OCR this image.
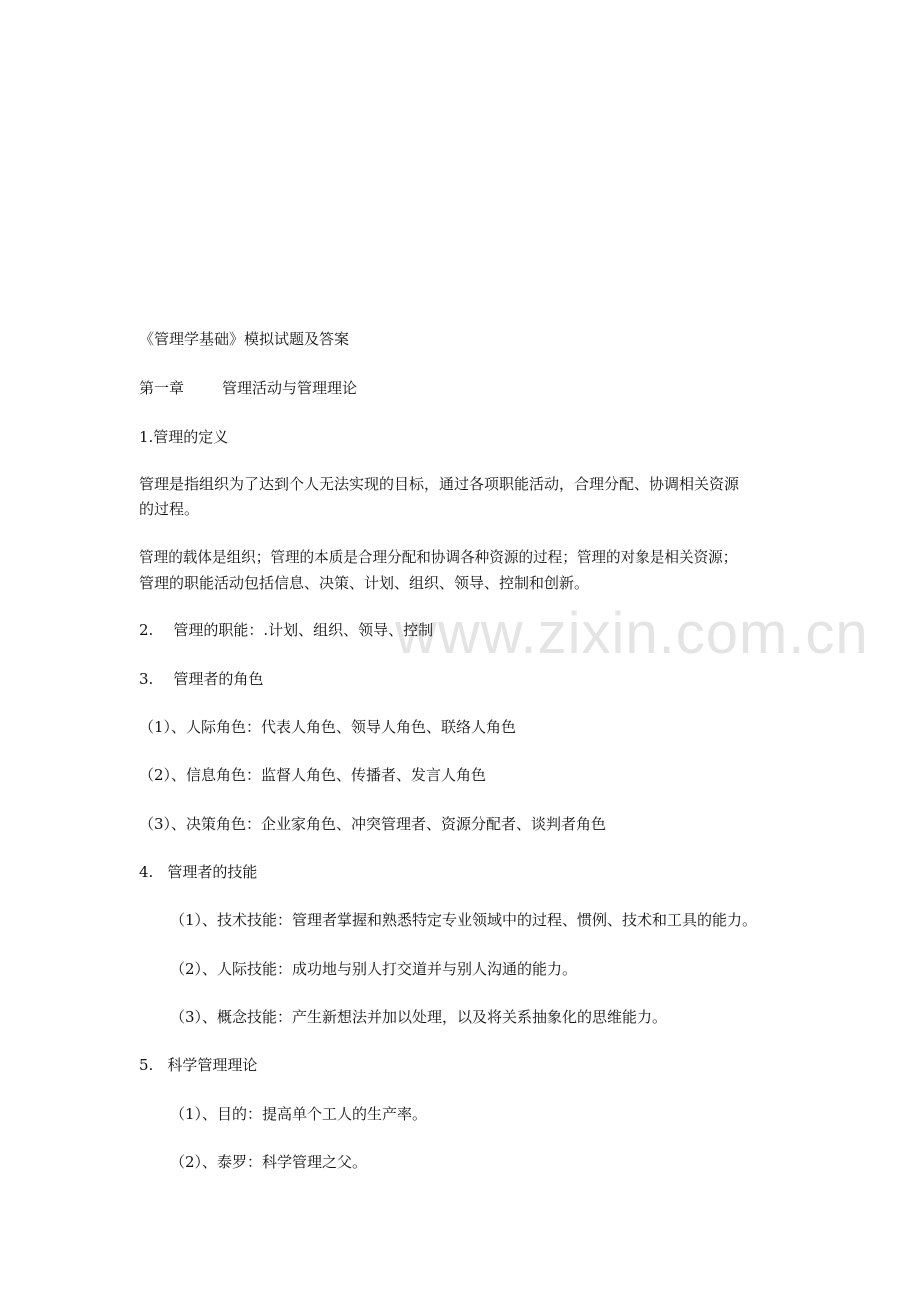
www.zixin.com.cn
《管理学基础》模拟试题及答案
第一章	管理活动与管理理论
1.管理的定义
管理是指组织为了达到个人无法实现的目标，通过各项职能活动，合理分配、协调相关资源
的过程。
管理的载体是组织；管理的本质是合理分配和协调各种资源的过程；管理的对象是相关资源；
管理的职能活动包括信息、决策、计划、组织、领导、控制和创新。
2. 管理的职能：.计划、组织、领导、控制
3. 管理者的角色
（1）、人际角色：代表人角色、领导人角色、联络人角色
（2）、信息角色：监督人角色、传播者、发言人角色
（3）、决策角色：企业家角色、冲突管理者、资源分配者、谈判者角色
4. 管理者的技能
（1）、技术技能：管理者掌握和熟悉特定专业领域中的过程、惯例、技术和工具的能力。
（2）、人际技能：成功地与别人打交道并与别人沟通的能力。
（3）、概念技能：产生新想法并加以处理，以及将关系抽象化的思维能力。
5. 科学管理理论
（1）、目的：提高单个工人的生产率。
（2）、泰罗：科学管理之父。
